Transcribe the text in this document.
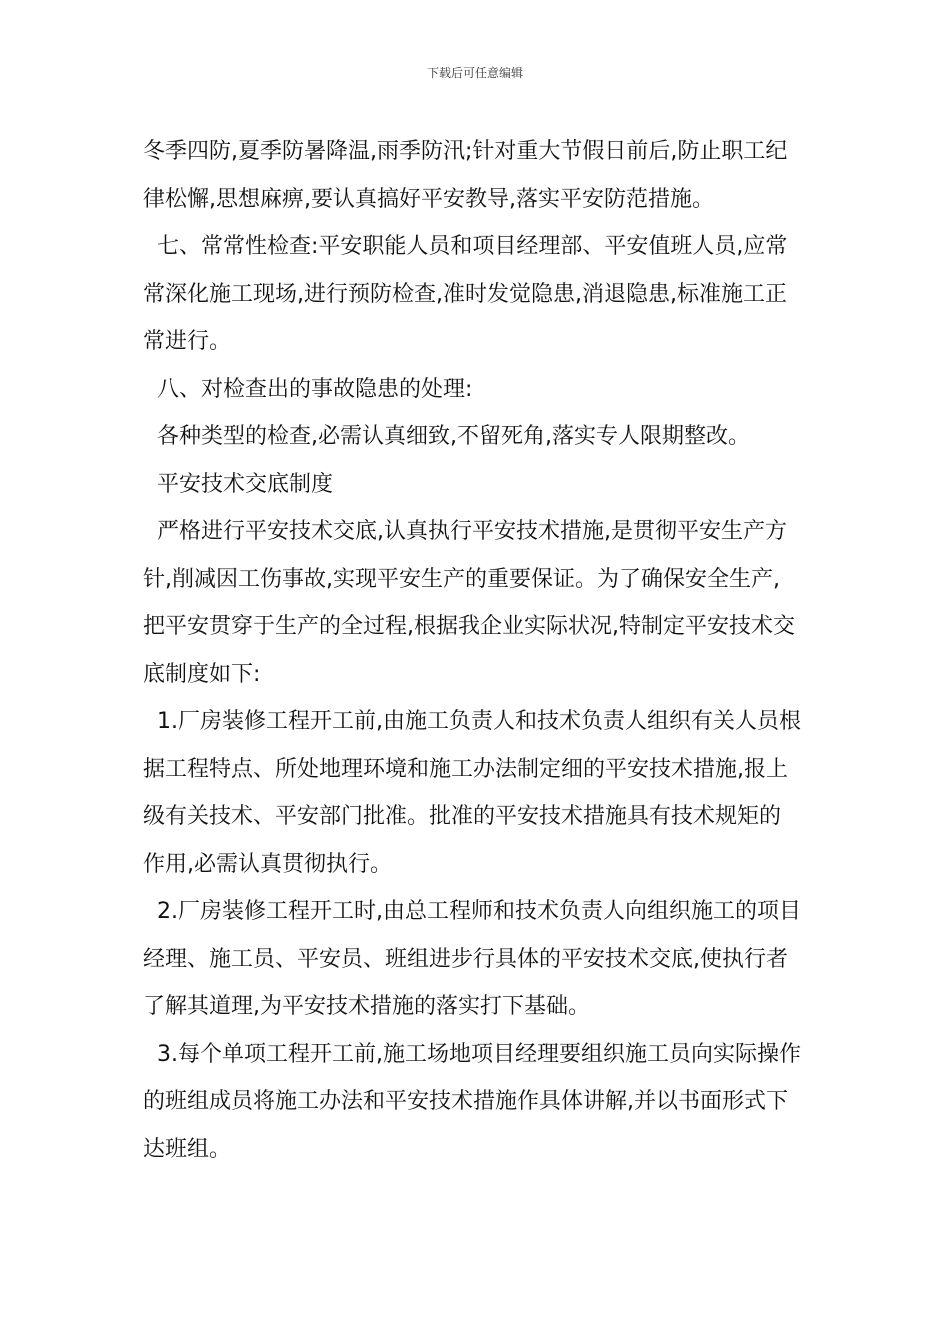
下载后可任意编辑
冬季四防,夏季防暑降温,雨季防汛;针对重大节假日前后,防止职工纪
律松懈,思想麻痹,要认真搞好平安教导,落实平安防范措施。
七、常常性检查:平安职能人员和项目经理部、平安值班人员,应常
常深化施工现场,进行预防检查,准时发觉隐患,消退隐患,标准施工正
常进行。
八、对检查出的事故隐患的处理:
各种类型的检查,必需认真细致,不留死角,落实专人限期整改。
平安技术交底制度
严格进行平安技术交底,认真执行平安技术措施,是贯彻平安生产方
针,削减因工伤事故,实现平安生产的重要保证。为了确保安全生产,
把平安贯穿于生产的全过程,根据我企业实际状况,特制定平安技术交
底制度如下:
1.厂房装修工程开工前,由施工负责人和技术负责人组织有关人员根
据工程特点、所处地理环境和施工办法制定细的平安技术措施,报上
级有关技术、平安部门批准。批准的平安技术措施具有技术规矩的
作用,必需认真贯彻执行。
2.厂房装修工程开工时,由总工程师和技术负责人向组织施工的项目
经理、施工员、平安员、班组进步行具体的平安技术交底,使执行者
了解其道理,为平安技术措施的落实打下基础。
3.每个单项工程开工前,施工场地项目经理要组织施工员向实际操作
的班组成员将施工办法和平安技术措施作具体讲解,并以书面形式下
达班组。
